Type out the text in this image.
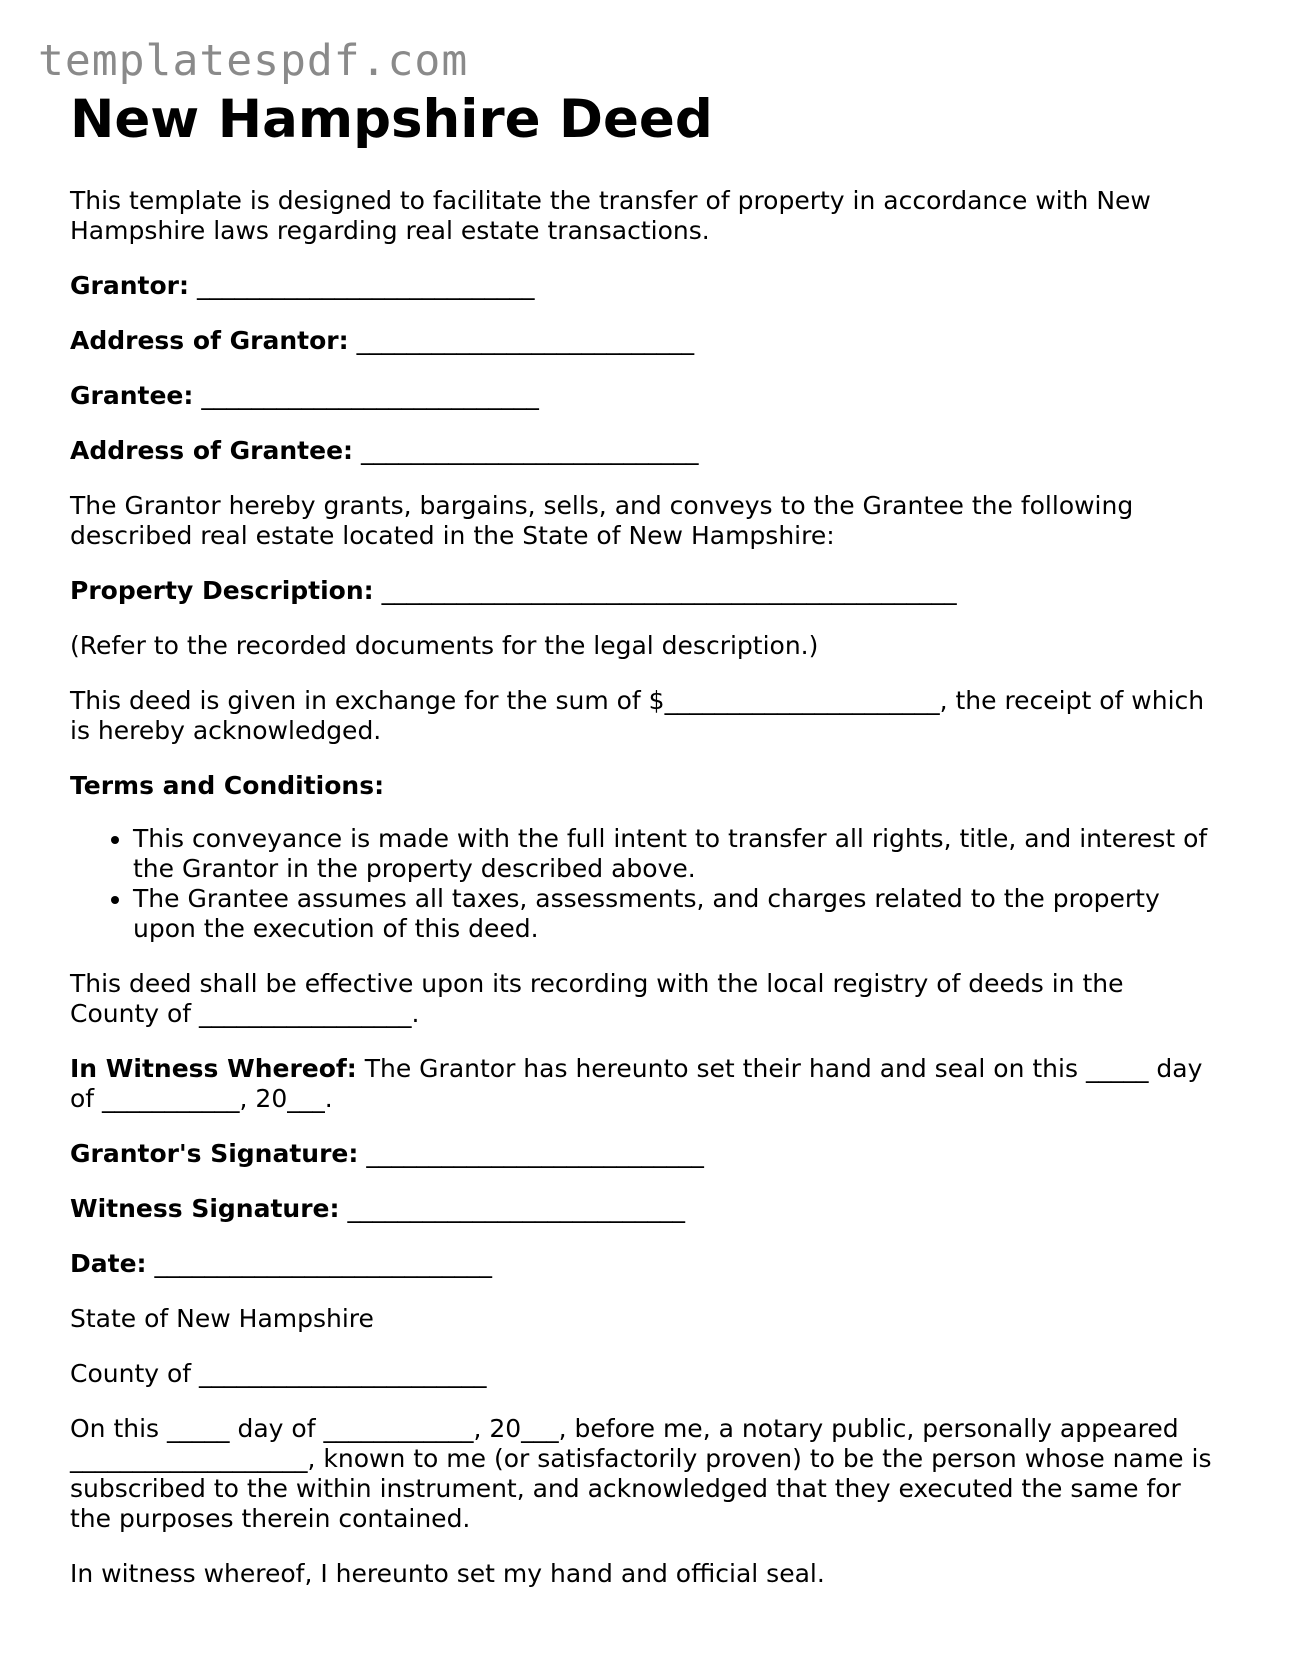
templatespdf.com
New Hampshire Deed

This template is designed to facilitate the transfer of property in accordance with New Hampshire laws regarding real estate transactions.

Grantor: ___________________________

Address of Grantor: ___________________________

Grantee: ___________________________

Address of Grantee: ___________________________

The Grantor hereby grants, bargains, sells, and conveys to the Grantee the following described real estate located in the State of New Hampshire:

Property Description: ______________________________________________

(Refer to the recorded documents for the legal description.)

This deed is given in exchange for the sum of $______________________, the receipt of which is hereby acknowledged.

Terms and Conditions:

• This conveyance is made with the full intent to transfer all rights, title, and interest of the Grantor in the property described above.
• The Grantee assumes all taxes, assessments, and charges related to the property upon the execution of this deed.

This deed shall be effective upon its recording with the local registry of deeds in the County of _________________.

In Witness Whereof: The Grantor has hereunto set their hand and seal on this _____ day of ___________, 20___.

Grantor's Signature: ___________________________

Witness Signature: ___________________________

Date: ___________________________

State of New Hampshire

County of _______________________

On this _____ day of ____________, 20___, before me, a notary public, personally appeared ___________________, known to me (or satisfactorily proven) to be the person whose name is subscribed to the within instrument, and acknowledged that they executed the same for the purposes therein contained.

In witness whereof, I hereunto set my hand and official seal.
